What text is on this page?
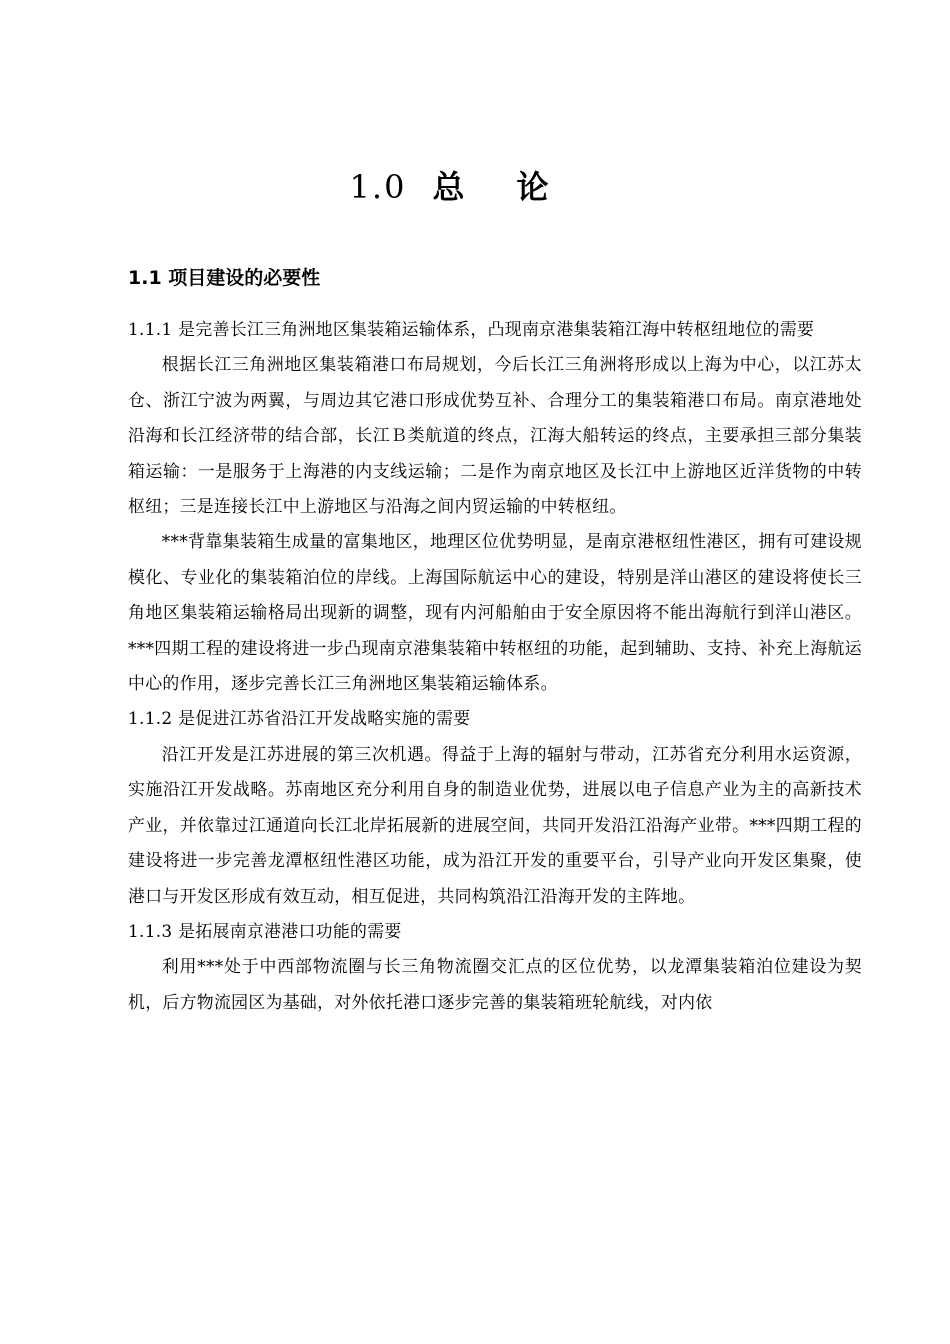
1.0 总论
1.1 项目建设的必要性

1.1.1 是完善长江三角洲地区集装箱运输体系，凸现南京港集装箱江海中转枢纽地位的需要

根据长江三角洲地区集装箱港口布局规划，今后长江三角洲将形成以上海为中心，以江苏太仓、浙江宁波为两翼，与周边其它港口形成优势互补、合理分工的集装箱港口布局。南京港地处沿海和长江经济带的结合部，长江Ｂ类航道的终点，江海大船转运的终点，主要承担三部分集装箱运输：一是服务于上海港的内支线运输；二是作为南京地区及长江中上游地区近洋货物的中转枢纽；三是连接长江中上游地区与沿海之间内贸运输的中转枢纽。

***背靠集装箱生成量的富集地区，地理区位优势明显，是南京港枢纽性港区，拥有可建设规模化、专业化的集装箱泊位的岸线。上海国际航运中心的建设，特别是洋山港区的建设将使长三角地区集装箱运输格局出现新的调整，现有内河船舶由于安全原因将不能出海航行到洋山港区。***四期工程的建设将进一步凸现南京港集装箱中转枢纽的功能，起到辅助、支持、补充上海航运中心的作用，逐步完善长江三角洲地区集装箱运输体系。

1.1.2 是促进江苏省沿江开发战略实施的需要

沿江开发是江苏进展的第三次机遇。得益于上海的辐射与带动，江苏省充分利用水运资源，实施沿江开发战略。苏南地区充分利用自身的制造业优势，进展以电子信息产业为主的高新技术产业，并依靠过江通道向长江北岸拓展新的进展空间，共同开发沿江沿海产业带。***四期工程的建设将进一步完善龙潭枢纽性港区功能，成为沿江开发的重要平台，引导产业向开发区集聚，使港口与开发区形成有效互动，相互促进，共同构筑沿江沿海开发的主阵地。

1.1.3 是拓展南京港港口功能的需要

利用***处于中西部物流圈与长三角物流圈交汇点的区位优势，以龙潭集装箱泊位建设为契机，后方物流园区为基础，对外依托港口逐步完善的集装箱班轮航线，对内依
